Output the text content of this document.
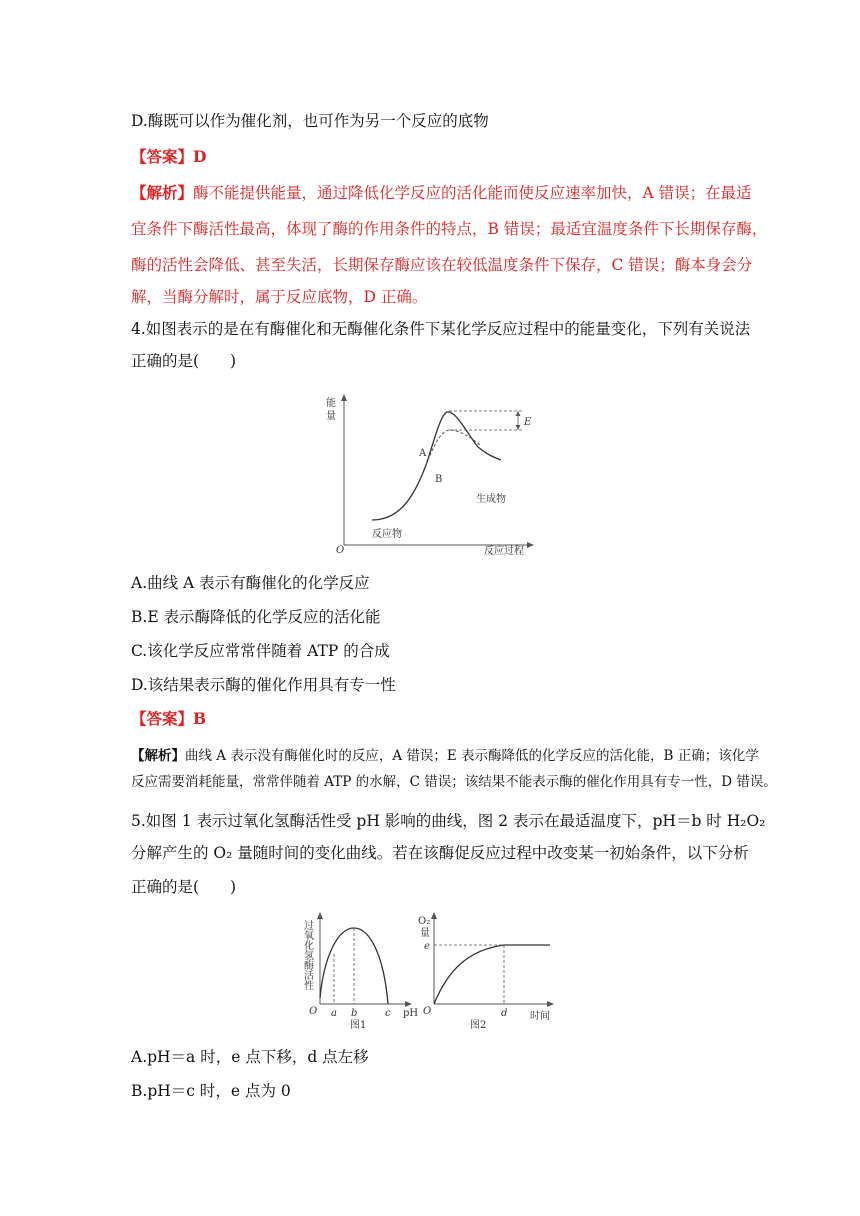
D.酶既可以作为催化剂，也可作为另一个反应的底物
【答案】D
【解析】酶不能提供能量，通过降低化学反应的活化能而使反应速率加快，A 错误；在最适
宜条件下酶活性最高，体现了酶的作用条件的特点，B 错误；最适宜温度条件下长期保存酶，
酶的活性会降低、甚至失活，长期保存酶应该在较低温度条件下保存，C 错误；酶本身会分
解，当酶分解时，属于反应底物，D 正确。
4.如图表示的是在有酶催化和无酶催化条件下某化学反应过程中的能量变化，下列有关说法
正确的是(　　)
能
量
O
A
B
E
生成物
反应物
反应过程
A.曲线 A 表示有酶催化的化学反应
B.E 表示酶降低的化学反应的活化能
C.该化学反应常常伴随着 ATP 的合成
D.该结果表示酶的催化作用具有专一性
【答案】B
【解析】曲线 A 表示没有酶催化时的反应，A 错误；E 表示酶降低的化学反应的活化能，B 正确；该化学
反应需要消耗能量，常常伴随着 ATP 的水解，C 错误；该结果不能表示酶的催化作用具有专一性，D 错误。
5.如图 1 表示过氧化氢酶活性受 pH 影响的曲线，图 2 表示在最适温度下，pH＝b 时 H₂O₂
分解产生的 O₂ 量随时间的变化曲线。若在该酶促反应过程中改变某一初始条件，以下分析
正确的是(　　)
过氧化氢酶活性
O a b	c pH
图1
O₂
量
e
O	d 时间
图2
A.pH＝a 时，e 点下移，d 点左移
B.pH＝c 时，e 点为 0
